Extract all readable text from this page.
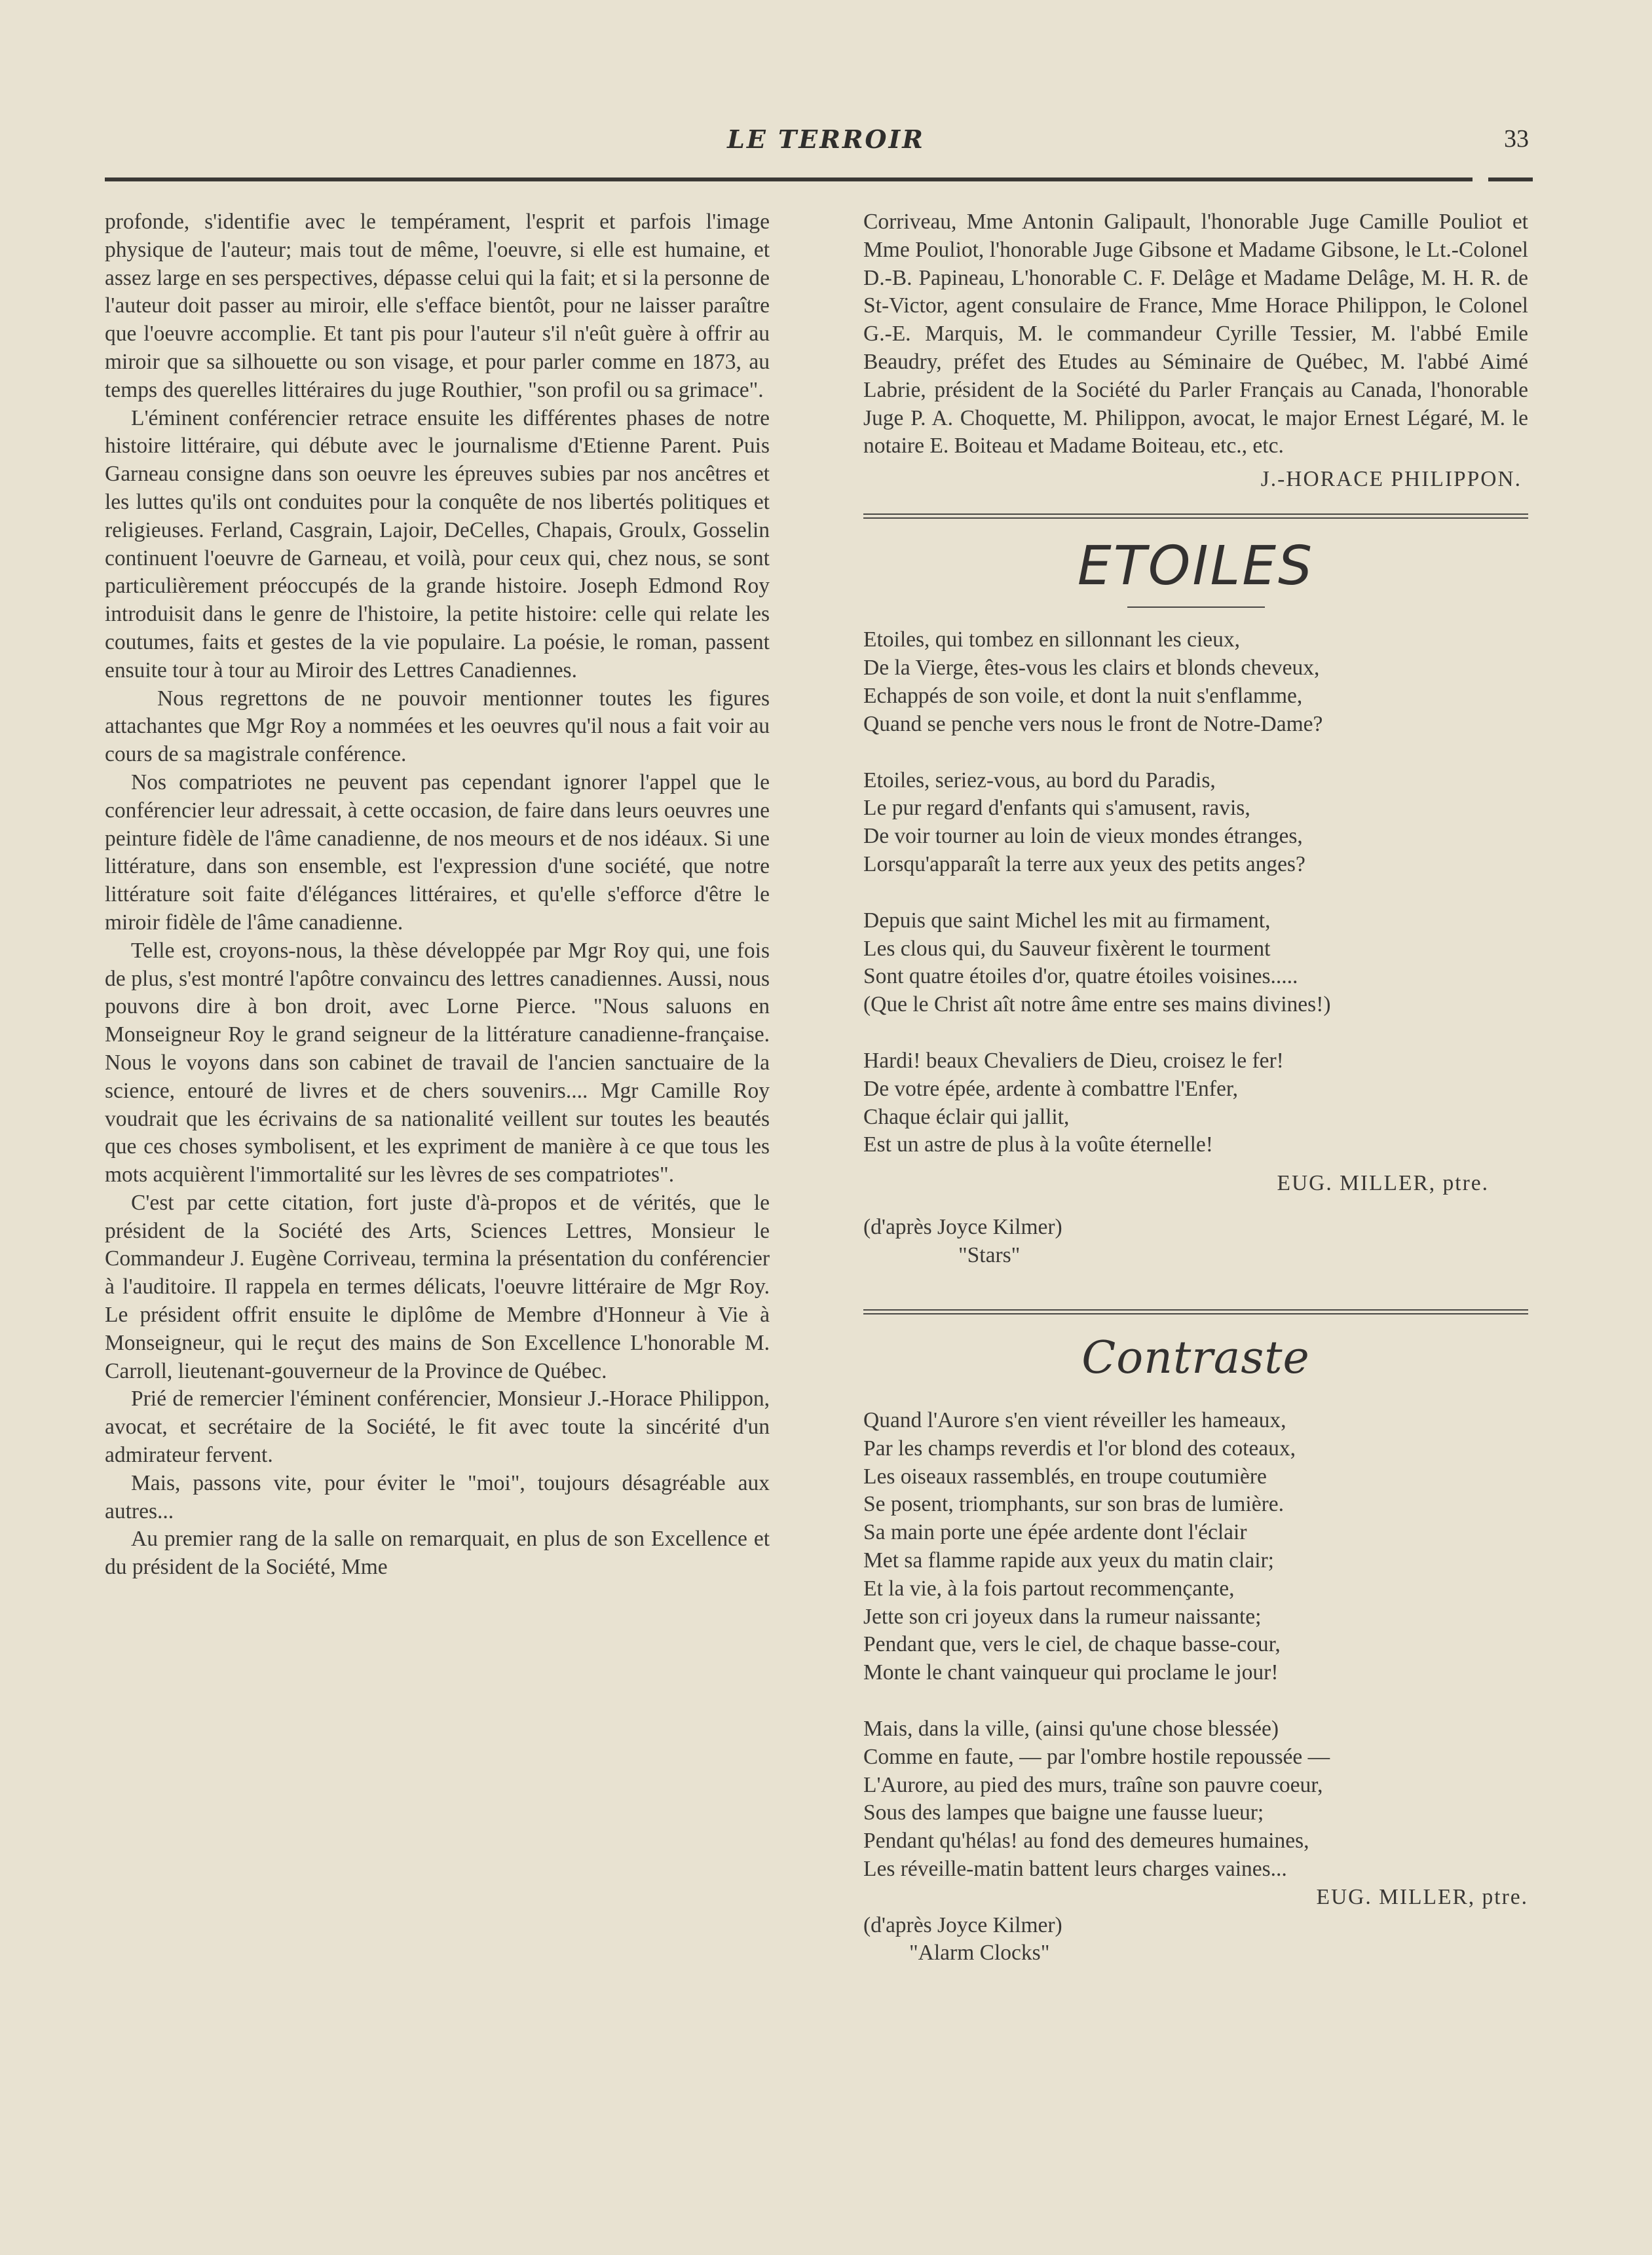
LE TERROIR	33

profonde, s'identifie avec le tempérament, l'esprit et parfois l'image physique de l'auteur; mais tout de même, l'oeuvre, si elle est humaine, et assez large en ses perspectives, dépasse celui qui la fait; et si la personne de l'auteur doit passer au miroir, elle s'efface bientôt, pour ne laisser paraître que l'oeuvre accomplie. Et tant pis pour l'auteur s'il n'eût guère à offrir au miroir que sa silhouette ou son visage, et pour parler comme en 1873, au temps des querelles littéraires du juge Routhier, "son profil ou sa grimace".

L'éminent conférencier retrace ensuite les différentes phases de notre histoire littéraire, qui débute avec le journalisme d'Etienne Parent. Puis Garneau consigne dans son oeuvre les épreuves subies par nos ancêtres et les luttes qu'ils ont conduites pour la conquête de nos libertés politiques et religieuses. Ferland, Casgrain, Lajoir, DeCelles, Chapais, Groulx, Gosselin continuent l'oeuvre de Garneau, et voilà, pour ceux qui, chez nous, se sont particulièrement préoccupés de la grande histoire. Joseph Edmond Roy introduisit dans le genre de l'histoire, la petite histoire: celle qui relate les coutumes, faits et gestes de la vie populaire. La poésie, le roman, passent ensuite tour à tour au Miroir des Lettres Canadiennes.

Nous regrettons de ne pouvoir mentionner toutes les figures attachantes que Mgr Roy a nommées et les oeuvres qu'il nous a fait voir au cours de sa magistrale conférence.

Nos compatriotes ne peuvent pas cependant ignorer l'appel que le conférencier leur adressait, à cette occasion, de faire dans leurs oeuvres une peinture fidèle de l'âme canadienne, de nos meours et de nos idéaux. Si une littérature, dans son ensemble, est l'expression d'une société, que notre littérature soit faite d'élégances littéraires, et qu'elle s'efforce d'être le miroir fidèle de l'âme canadienne.

Telle est, croyons-nous, la thèse développée par Mgr Roy qui, une fois de plus, s'est montré l'apôtre convaincu des lettres canadiennes. Aussi, nous pouvons dire à bon droit, avec Lorne Pierce. "Nous saluons en Monseigneur Roy le grand seigneur de la littérature canadienne-française. Nous le voyons dans son cabinet de travail de l'ancien sanctuaire de la science, entouré de livres et de chers souvenirs.... Mgr Camille Roy voudrait que les écrivains de sa nationalité veillent sur toutes les beautés que ces choses symbolisent, et les expriment de manière à ce que tous les mots acquièrent l'immortalité sur les lèvres de ses compatriotes".

C'est par cette citation, fort juste d'à-propos et de vérités, que le président de la Société des Arts, Sciences Lettres, Monsieur le Commandeur J. Eugène Corriveau, termina la présentation du conférencier à l'auditoire. Il rappela en termes délicats, l'oeuvre littéraire de Mgr Roy. Le président offrit ensuite le diplôme de Membre d'Honneur à Vie à Monseigneur, qui le reçut des mains de Son Excellence L'honorable M. Carroll, lieutenant-gouverneur de la Province de Québec.

Prié de remercier l'éminent conférencier, Monsieur J.-Horace Philippon, avocat, et secrétaire de la Société, le fit avec toute la sincérité d'un admirateur fervent.

Mais, passons vite, pour éviter le "moi", toujours désagréable aux autres...

Au premier rang de la salle on remarquait, en plus de son Excellence et du président de la Société, Mme

Corriveau, Mme Antonin Galipault, l'honorable Juge Camille Pouliot et Mme Pouliot, l'honorable Juge Gibsone et Madame Gibsone, le Lt.-Colonel D.-B. Papineau, L'honorable C. F. Delâge et Madame Delâge, M. H. R. de St-Victor, agent consulaire de France, Mme Horace Philippon, le Colonel G.-E. Marquis, M. le commandeur Cyrille Tessier, M. l'abbé Emile Beaudry, préfet des Etudes au Séminaire de Québec, M. l'abbé Aimé Labrie, président de la Société du Parler Français au Canada, l'honorable Juge P. A. Choquette, M. Philippon, avocat, le major Ernest Légaré, M. le notaire E. Boiteau et Madame Boiteau, etc., etc.

J.-HORACE PHILIPPON.

ETOILES

Etoiles, qui tombez en sillonnant les cieux,
De la Vierge, êtes-vous les clairs et blonds cheveux,
Echappés de son voile, et dont la nuit s'enflamme,
Quand se penche vers nous le front de Notre-Dame?

Etoiles, seriez-vous, au bord du Paradis,
Le pur regard d'enfants qui s'amusent, ravis,
De voir tourner au loin de vieux mondes étranges,
Lorsqu'apparaît la terre aux yeux des petits anges?

Depuis que saint Michel les mit au firmament,
Les clous qui, du Sauveur fixèrent le tourment
Sont quatre étoiles d'or, quatre étoiles voisines.....
(Que le Christ aît notre âme entre ses mains divines!)

Hardi! beaux Chevaliers de Dieu, croisez le fer!
De votre épée, ardente à combattre l'Enfer,
Chaque éclair qui jallit,
Est un astre de plus à la voûte éternelle!

EUG. MILLER, ptre.

(d'après Joyce Kilmer)
"Stars"

Contraste

Quand l'Aurore s'en vient réveiller les hameaux,
Par les champs reverdis et l'or blond des coteaux,
Les oiseaux rassemblés, en troupe coutumière
Se posent, triomphants, sur son bras de lumière.
Sa main porte une épée ardente dont l'éclair
Met sa flamme rapide aux yeux du matin clair;
Et la vie, à la fois partout recommençante,
Jette son cri joyeux dans la rumeur naissante;
Pendant que, vers le ciel, de chaque basse-cour,
Monte le chant vainqueur qui proclame le jour!

Mais, dans la ville, (ainsi qu'une chose blessée)
Comme en faute, — par l'ombre hostile repoussée —
L'Aurore, au pied des murs, traîne son pauvre coeur,
Sous des lampes que baigne une fausse lueur;
Pendant qu'hélas! au fond des demeures humaines,
Les réveille-matin battent leurs charges vaines...

EUG. MILLER, ptre.

(d'après Joyce Kilmer)
"Alarm Clocks"
